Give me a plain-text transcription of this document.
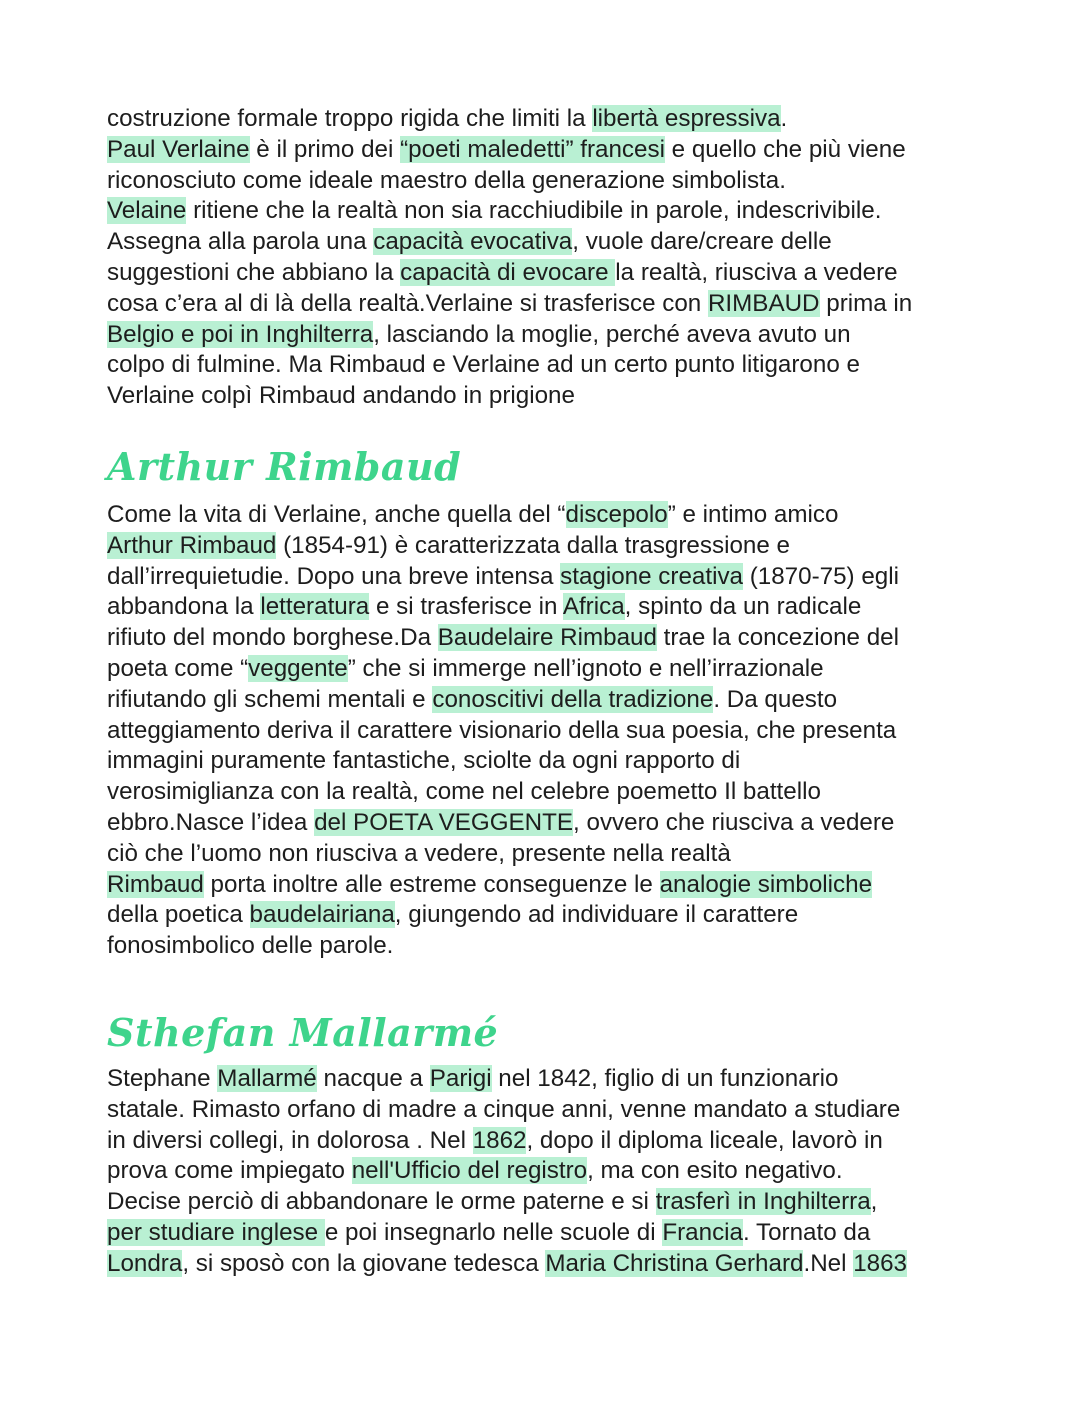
costruzione formale troppo rigida che limiti la libertà espressiva.
Paul Verlaine è il primo dei “poeti maledetti” francesi e quello che più viene
riconosciuto come ideale maestro della generazione simbolista.
Velaine ritiene che la realtà non sia racchiudibile in parole, indescrivibile.
Assegna alla parola una capacità evocativa, vuole dare/creare delle
suggestioni che abbiano la capacità di evocare la realtà, riusciva a vedere
cosa c’era al di là della realtà.Verlaine si trasferisce con RIMBAUD prima in
Belgio e poi in Inghilterra, lasciando la moglie, perché aveva avuto un
colpo di fulmine. Ma Rimbaud e Verlaine ad un certo punto litigarono e
Verlaine colpì Rimbaud andando in prigione
Arthur Rimbaud
Come la vita di Verlaine, anche quella del “discepolo” e intimo amico
Arthur Rimbaud (1854-91) è caratterizzata dalla trasgressione e
dall’irrequietudie. Dopo una breve intensa stagione creativa (1870-75) egli
abbandona la letteratura e si trasferisce in Africa, spinto da un radicale
rifiuto del mondo borghese.Da Baudelaire Rimbaud trae la concezione del
poeta come “veggente” che si immerge nell’ignoto e nell’irrazionale
rifiutando gli schemi mentali e conoscitivi della tradizione. Da questo
atteggiamento deriva il carattere visionario della sua poesia, che presenta
immagini puramente fantastiche, sciolte da ogni rapporto di
verosimiglianza con la realtà, come nel celebre poemetto Il battello
ebbro.Nasce l’idea del POETA VEGGENTE, ovvero che riusciva a vedere
ciò che l’uomo non riusciva a vedere, presente nella realtà
Rimbaud porta inoltre alle estreme conseguenze le analogie simboliche
della poetica baudelairiana, giungendo ad individuare il carattere
fonosimbolico delle parole.
Sthefan Mallarmé
Stephane Mallarmé nacque a Parigi nel 1842, figlio di un funzionario
statale. Rimasto orfano di madre a cinque anni, venne mandato a studiare
in diversi collegi, in dolorosa . Nel 1862, dopo il diploma liceale, lavorò in
prova come impiegato nell'Ufficio del registro, ma con esito negativo.
Decise perciò di abbandonare le orme paterne e si trasferì in Inghilterra,
per studiare inglese e poi insegnarlo nelle scuole di Francia. Tornato da
Londra, si sposò con la giovane tedesca Maria Christina Gerhard.Nel 1863
